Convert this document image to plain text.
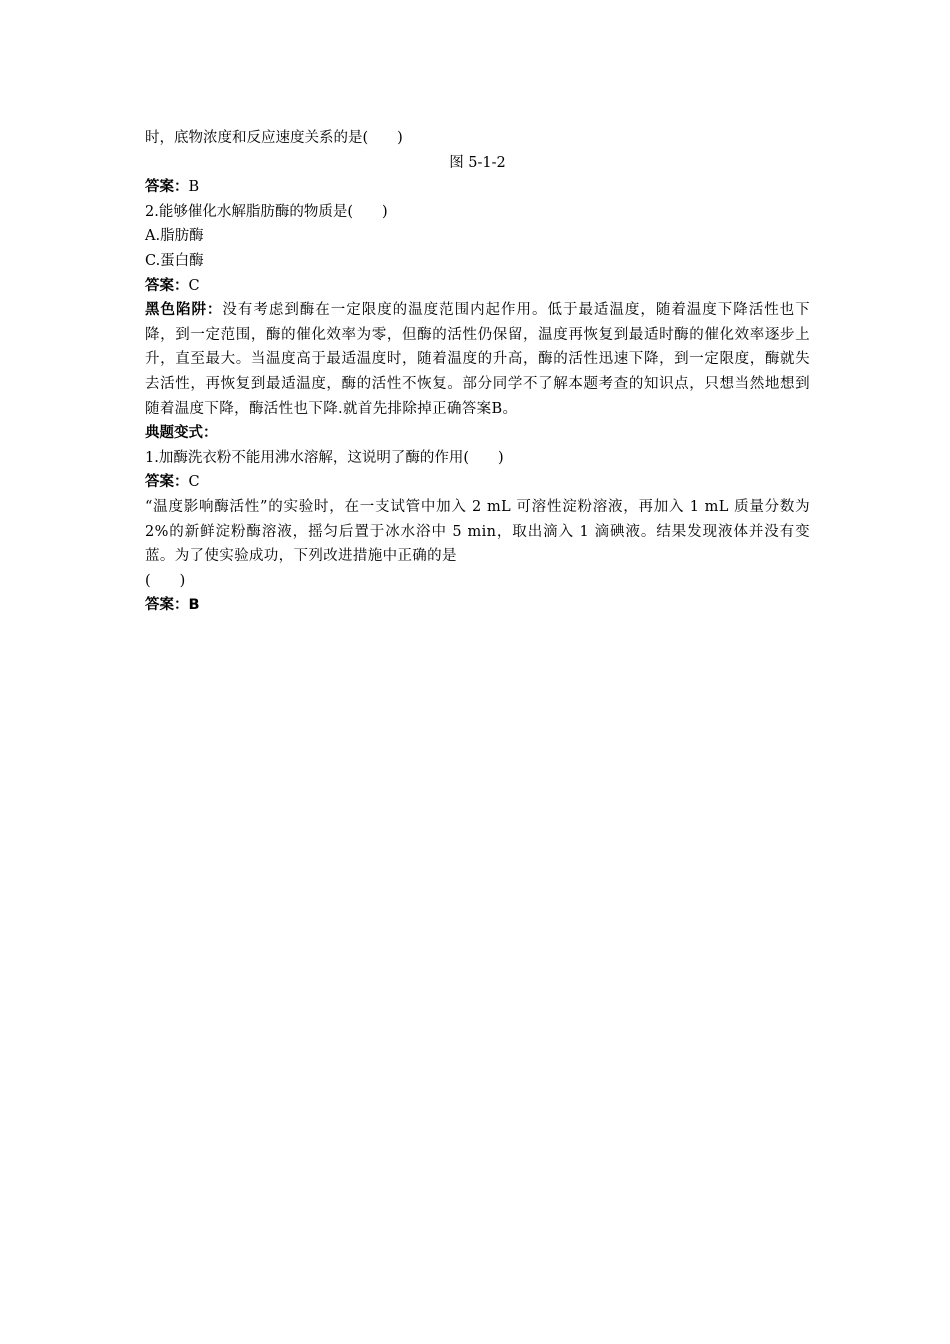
时，底物浓度和反应速度关系的是(　　)
图 5-1-2
答案：B
2.能够催化水解脂肪酶的物质是(　　)
A.脂肪酶
C.蛋白酶
答案：C
黑色陷阱：没有考虑到酶在一定限度的温度范围内起作用。低于最适温度，随着温度下降活性也下降，到一定范围，酶的催化效率为零，但酶的活性仍保留，温度再恢复到最适时酶的催化效率逐步上升，直至最大。当温度高于最适温度时，随着温度的升高，酶的活性迅速下降，到一定限度，酶就失去活性，再恢复到最适温度，酶的活性不恢复。部分同学不了解本题考查的知识点，只想当然地想到随着温度下降，酶活性也下降.就首先排除掉正确答案B。
典题变式：
1.加酶洗衣粉不能用沸水溶解，这说明了酶的作用(　　)
答案：C
“温度影响酶活性”的实验时，在一支试管中加入 2 mL 可溶性淀粉溶液，再加入 1 mL 质量分数为 2%的新鲜淀粉酶溶液，摇匀后置于冰水浴中 5 min，取出滴入 1 滴碘液。结果发现液体并没有变蓝。为了使实验成功，下列改进措施中正确的是
(　　)
答案：B
